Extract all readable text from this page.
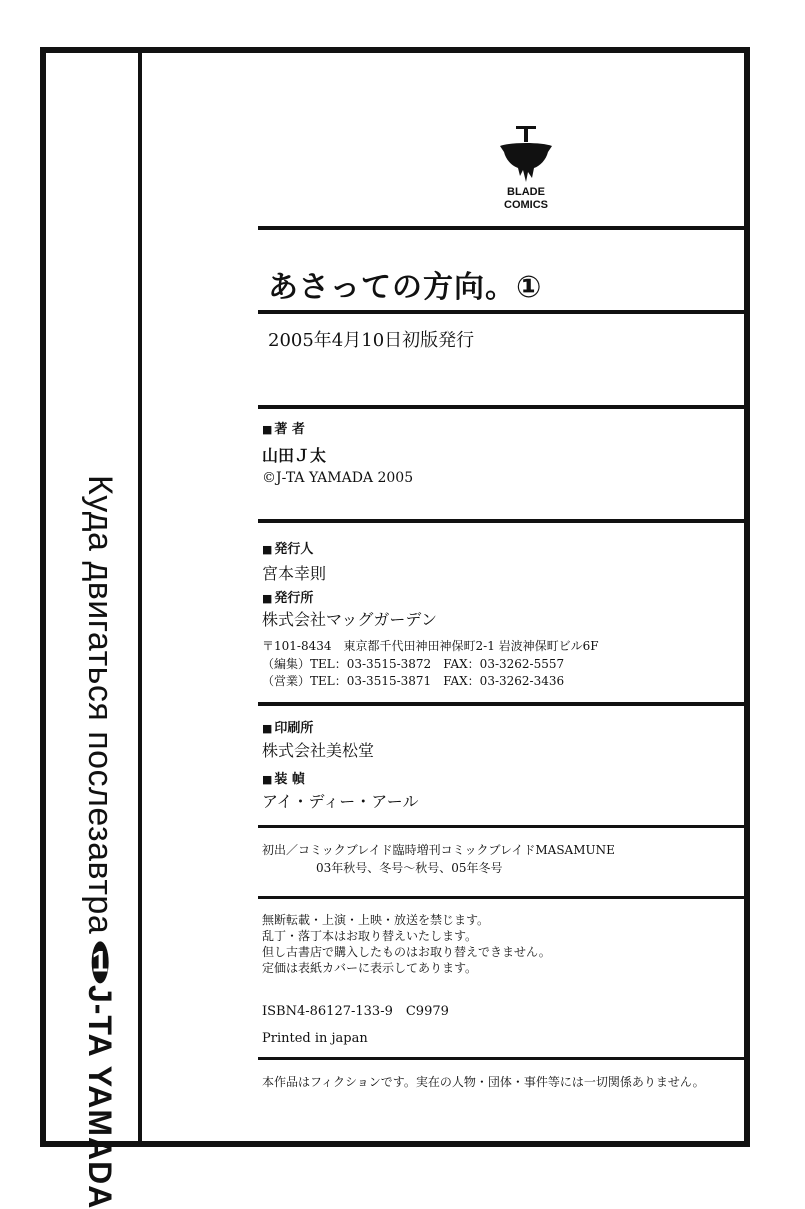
Куда двигаться послезавтра
1
J-TA YAMADA
BLADE
COMICS
あさっての方向。①
2005年4月10日初版発行
■ 著 者
山田Ｊ太
©J-TA YAMADA 2005
■ 発行人
宮本幸則
■ 発行所
株式会社マッグガーデン
〒101-8434　東京都千代田神田神保町2-1 岩波神保町ビル6F
（編集）TEL：03-3515-3872　FAX：03-3262-5557
（営業）TEL：03-3515-3871　FAX：03-3262-3436
■ 印刷所
株式会社美松堂
■ 装 幀
アイ・ディー・アール
初出／コミックブレイド臨時増刊コミックブレイドMASAMUNE
03年秋号、冬号～秋号、05年冬号
無断転載・上演・上映・放送を禁じます。
乱丁・落丁本はお取り替えいたします。
但し古書店で購入したものはお取り替えできません。
定価は表紙カバーに表示してあります。
ISBN4-86127-133-9　C9979
Printed in japan
本作品はフィクションです。実在の人物・団体・事件等には一切関係ありません。
